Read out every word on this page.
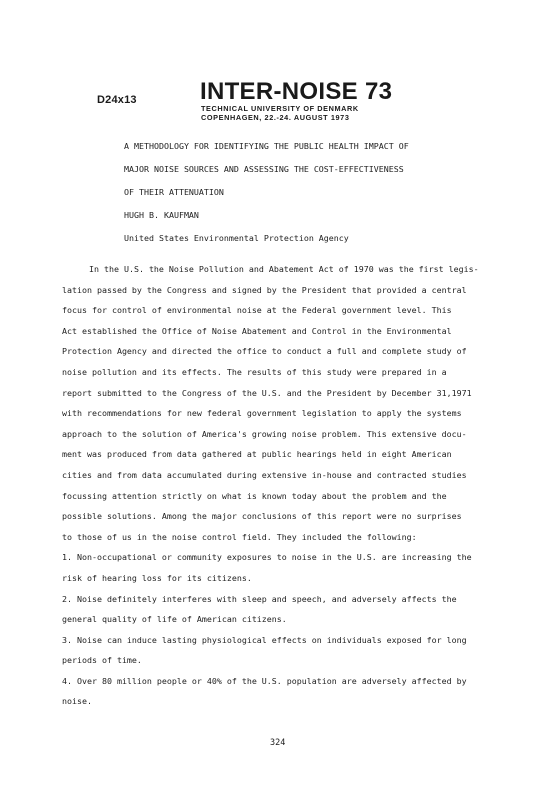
D24x13	INTER-NOISE 73
TECHNICAL UNIVERSITY OF DENMARK
COPENHAGEN, 22.-24. AUGUST 1973
A METHODOLOGY FOR IDENTIFYING THE PUBLIC HEALTH IMPACT OF
MAJOR NOISE SOURCES AND ASSESSING THE COST-EFFECTIVENESS
OF THEIR ATTENUATION
HUGH B. KAUFMAN
United States Environmental Protection Agency
In the U.S. the Noise Pollution and Abatement Act of 1970 was the first legis-
lation passed by the Congress and signed by the President that provided a central
focus for control of environmental noise at the Federal government level. This
Act established the Office of Noise Abatement and Control in the Environmental
Protection Agency and directed the office to conduct a full and complete study of
noise pollution and its effects. The results of this study were prepared in a
report submitted to the Congress of the U.S. and the President by December 31,1971
with recommendations for new federal government legislation to apply the systems
approach to the solution of America's growing noise problem. This extensive docu-
ment was produced from data gathered at public hearings held in eight American
cities and from data accumulated during extensive in-house and contracted studies
focussing attention strictly on what is known today about the problem and the
possible solutions. Among the major conclusions of this report were no surprises
to those of us in the noise control field. They included the following:
1. Non-occupational or community exposures to noise in the U.S. are increasing the
risk of hearing loss for its citizens.
2. Noise definitely interferes with sleep and speech, and adversely affects the
general quality of life of American citizens.
3. Noise can induce lasting physiological effects on individuals exposed for long
periods of time.
4. Over 80 million people or 40% of the U.S. population are adversely affected by
noise.
324
